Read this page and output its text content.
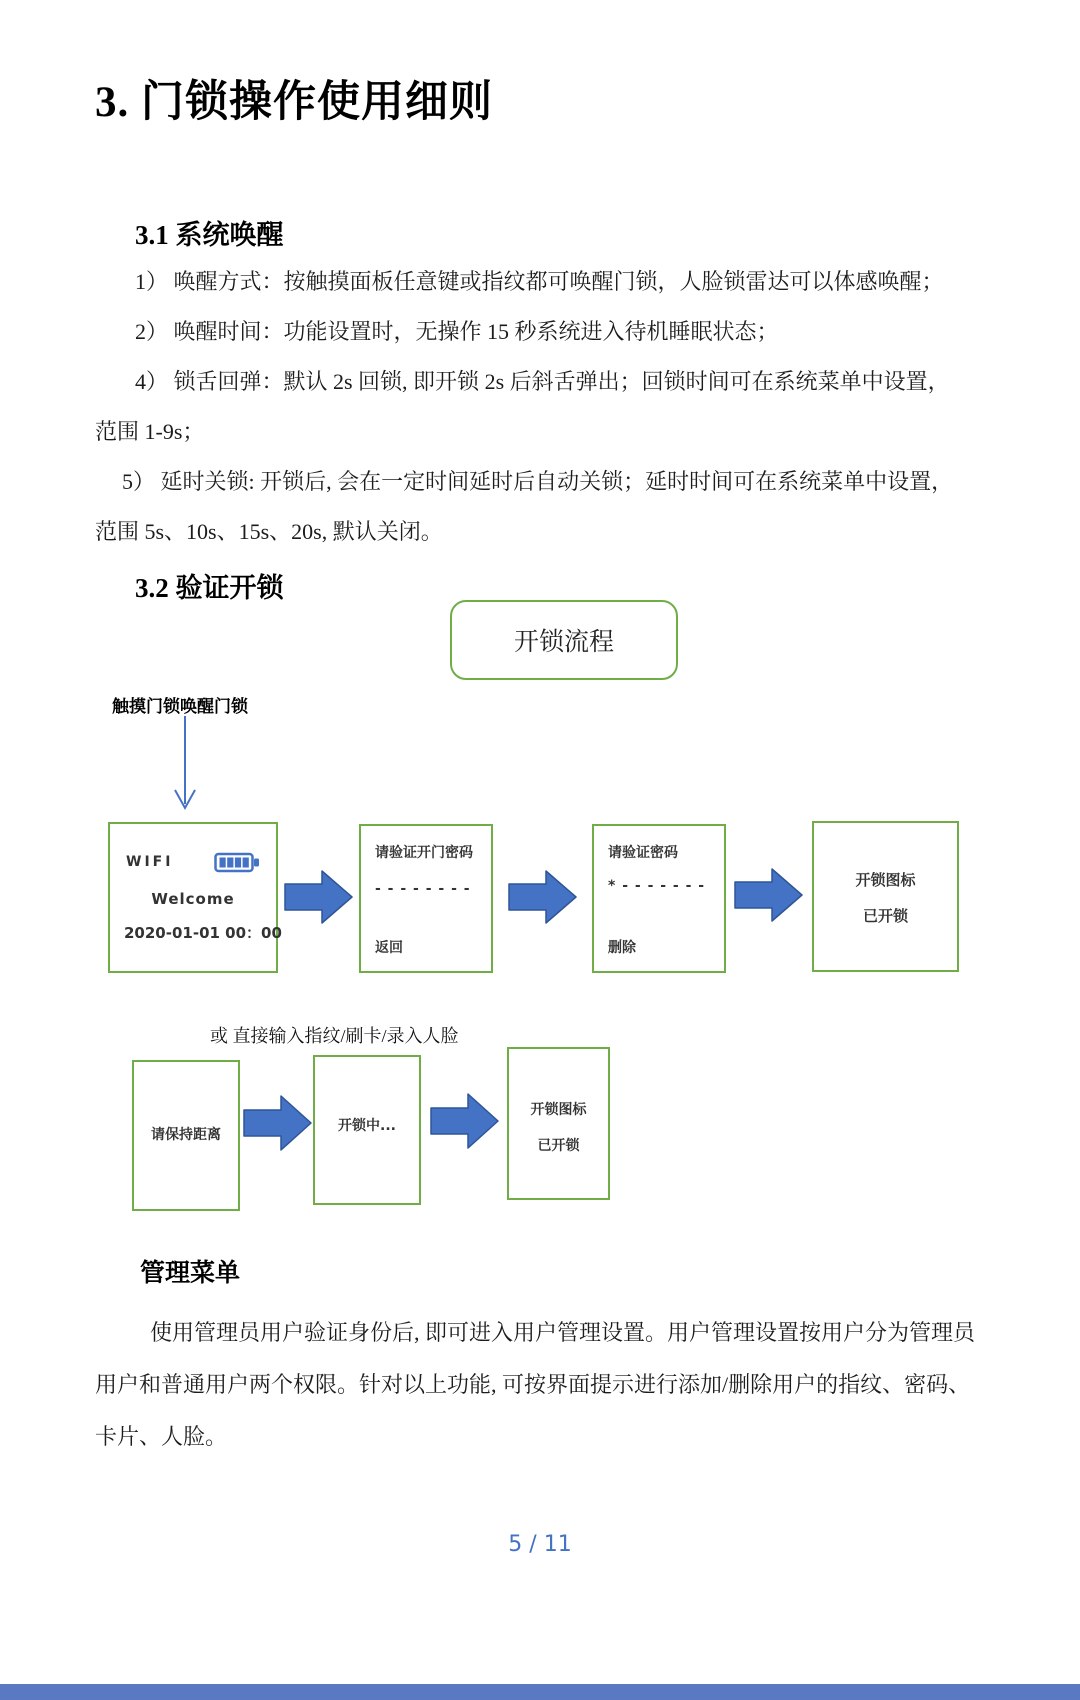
3. 门锁操作使用细则
3.1 系统唤醒
1） 唤醒方式：按触摸面板任意键或指纹都可唤醒门锁，人脸锁雷达可以体感唤醒；
2） 唤醒时间：功能设置时，无操作 15 秒系统进入待机睡眠状态；
4） 锁舌回弹：默认 2s 回锁, 即开锁 2s 后斜舌弹出；回锁时间可在系统菜单中设置，
范围 1-9s；
5） 延时关锁: 开锁后, 会在一定时间延时后自动关锁；延时时间可在系统菜单中设置，
范围 5s、10s、15s、20s, 默认关闭。
3.2 验证开锁
开锁流程
触摸门锁唤醒门锁
WIFI
Welcome
2020-01-01 00：00
请验证开门密码
- - - - - - - -
返回
请验证密码
* - - - - - - -
删除
开锁图标
已开锁
或 直接输入指纹/刷卡/录入人脸
请保持距离
开锁中...
开锁图标
已开锁
管理菜单
使用管理员用户验证身份后, 即可进入用户管理设置。用户管理设置按用户分为管理员
用户和普通用户两个权限。针对以上功能, 可按界面提示进行添加/删除用户的指纹、密码、
卡片、人脸。
5 / 11
